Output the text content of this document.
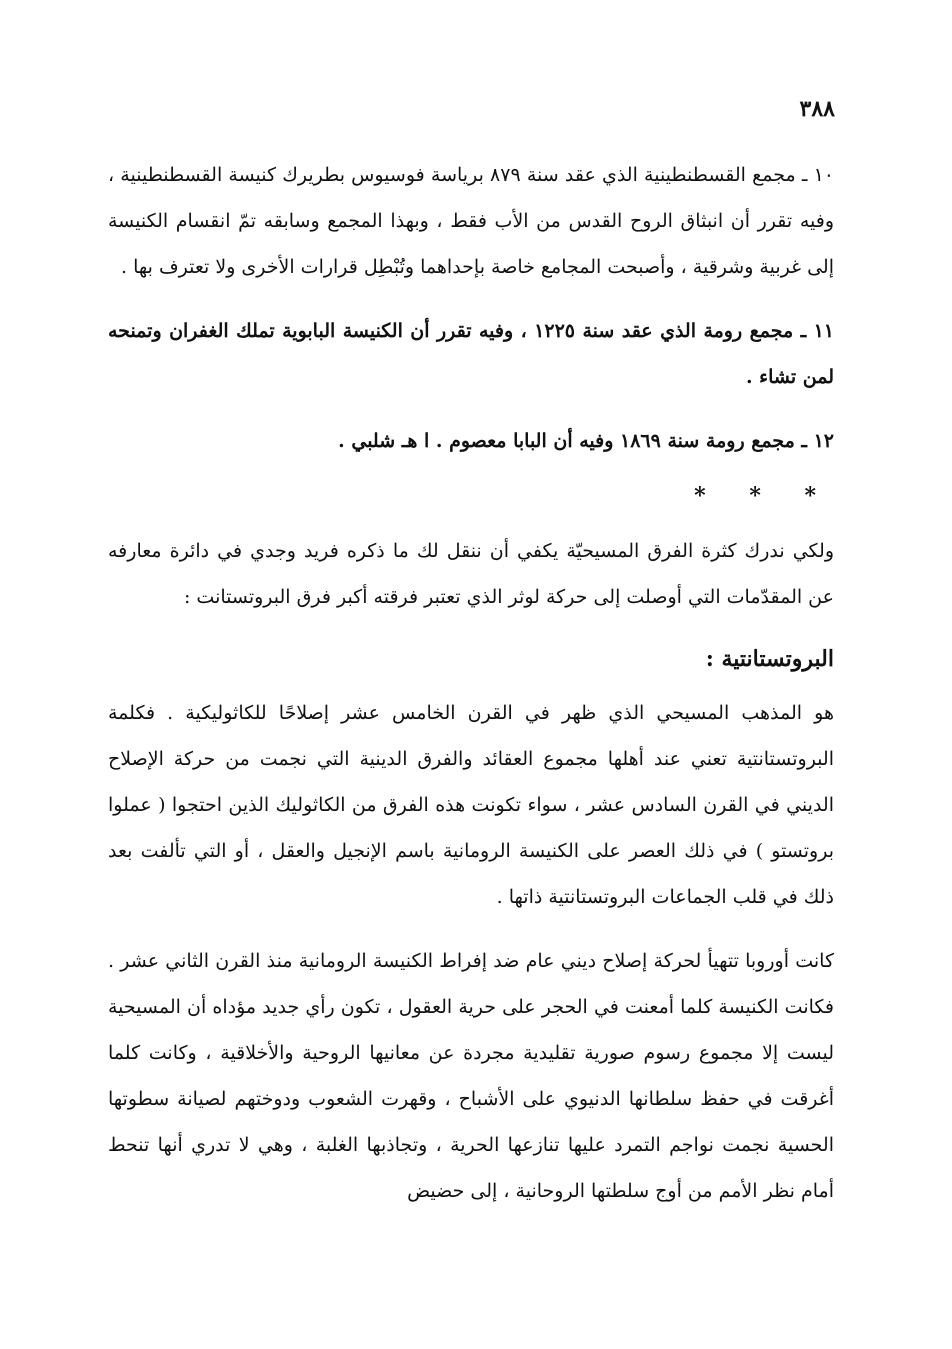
٣٨٨

١٠ ـ مجمع القسطنطينية الذي عقد سنة ٨٧٩ برياسة فوسيوس بطريرك كنيسة القسطنطينية ، وفيه تقرر أن انبثاق الروح القدس من الأب فقط ، وبهذا المجمع وسابقه تمّ انقسام الكنيسة إلى غربية وشرقية ، وأصبحت المجامع خاصة بإحداهما وتُبْطِل قرارات الأخرى ولا تعترف بها .

١١ ـ مجمع رومة الذي عقد سنة ١٢٢٥ ، وفيه تقرر أن الكنيسة البابوية تملك الغفران وتمنحه لمن تشاء .

١٢ ـ مجمع رومة سنة ١٨٦٩ وفيه أن البابا معصوم . ا هـ شلبي .

* * *

ولكي ندرك كثرة الفرق المسيحيّة يكفي أن ننقل لك ما ذكره فريد وجدي في دائرة معارفه عن المقدّمات التي أوصلت إلى حركة لوثر الذي تعتبر فرقته أكبر فرق البروتستانت :

البروتستانتية :

هو المذهب المسيحي الذي ظهر في القرن الخامس عشر إصلاحًا للكاثوليكية . فكلمة البروتستانتية تعني عند أهلها مجموع العقائد والفرق الدينية التي نجمت من حركة الإصلاح الديني في القرن السادس عشر ، سواء تكونت هذه الفرق من الكاثوليك الذين احتجوا ( عملوا بروتستو ) في ذلك العصر على الكنيسة الرومانية باسم الإنجيل والعقل ، أو التي تألفت بعد ذلك في قلب الجماعات البروتستانتية ذاتها .

كانت أوروبا تتهيأ لحركة إصلاح ديني عام ضد إفراط الكنيسة الرومانية منذ القرن الثاني عشر . فكانت الكنيسة كلما أمعنت في الحجر على حرية العقول ، تكون رأي جديد مؤداه أن المسيحية ليست إلا مجموع رسوم صورية تقليدية مجردة عن معانيها الروحية والأخلاقية ، وكانت كلما أغرقت في حفظ سلطانها الدنيوي على الأشباح ، وقهرت الشعوب ودوختهم لصيانة سطوتها الحسية نجمت نواجم التمرد عليها تنازعها الحرية ، وتجاذبها الغلبة ، وهي لا تدري أنها تنحط أمام نظر الأمم من أوج سلطتها الروحانية ، إلى حضيض
